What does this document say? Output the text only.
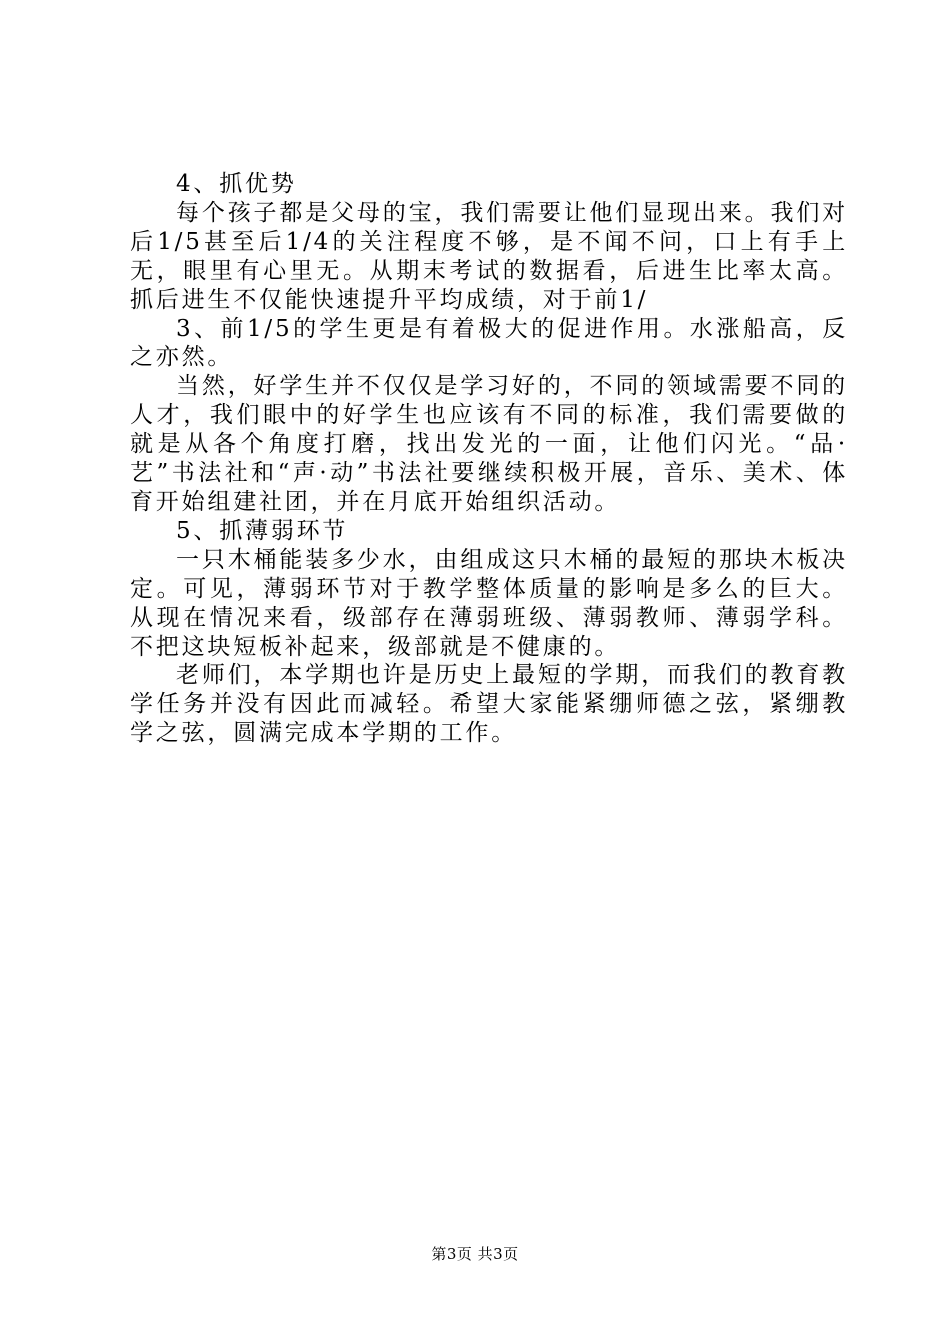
4、抓优势

每个孩子都是父母的宝，我们需要让他们显现出来。我们对后1/5甚至后1/4的关注程度不够，是不闻不问，口上有手上无，眼里有心里无。从期末考试的数据看，后进生比率太高。抓后进生不仅能快速提升平均成绩，对于前1/

3、前1/5的学生更是有着极大的促进作用。水涨船高，反之亦然。

当然，好学生并不仅仅是学习好的，不同的领域需要不同的人才，我们眼中的好学生也应该有不同的标准，我们需要做的就是从各个角度打磨，找出发光的一面，让他们闪光。“品·艺”书法社和“声·动”书法社要继续积极开展，音乐、美术、体育开始组建社团，并在月底开始组织活动。

5、抓薄弱环节

一只木桶能装多少水，由组成这只木桶的最短的那块木板决定。可见，薄弱环节对于教学整体质量的影响是多么的巨大。从现在情况来看，级部存在薄弱班级、薄弱教师、薄弱学科。不把这块短板补起来，级部就是不健康的。

老师们，本学期也许是历史上最短的学期，而我们的教育教学任务并没有因此而减轻。希望大家能紧绷师德之弦，紧绷教学之弦，圆满完成本学期的工作。

第3页 共3页
